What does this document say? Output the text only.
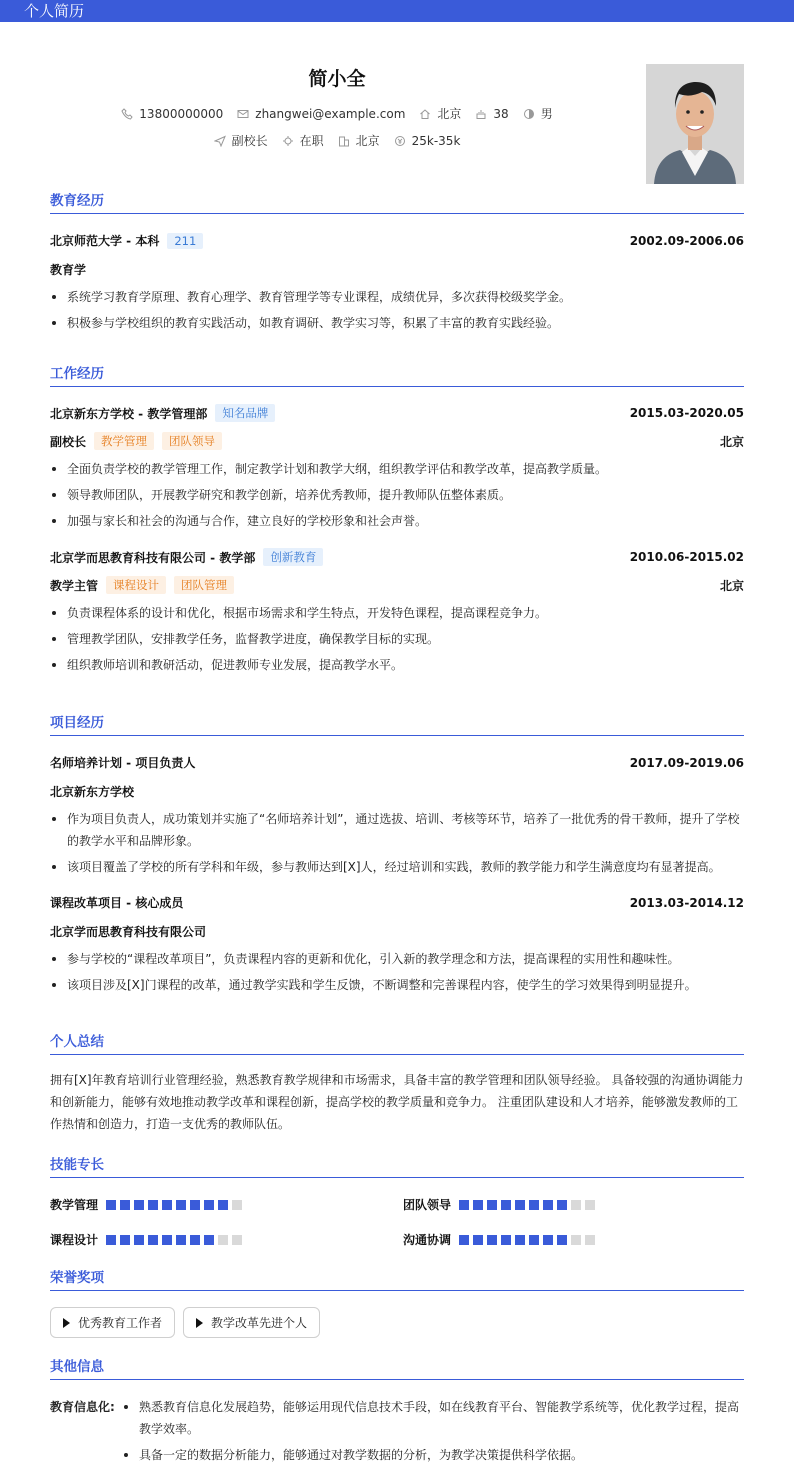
个人简历
简小全
13800000000	zhangwei@example.com	北京	38	男
副校长	在职	北京	25k-35k
教育经历
北京师范大学 - 本科	211	2002.09-2006.06
教育学
系统学习教育学原理、教育心理学、教育管理学等专业课程，成绩优异，多次获得校级奖学金。
积极参与学校组织的教育实践活动，如教育调研、教学实习等，积累了丰富的教育实践经验。
工作经历
北京新东方学校 - 教学管理部	知名品牌	2015.03-2020.05
副校长	教学管理	团队领导	北京
全面负责学校的教学管理工作，制定教学计划和教学大纲，组织教学评估和教学改革，提高教学质量。
领导教师团队，开展教学研究和教学创新，培养优秀教师，提升教师队伍整体素质。
加强与家长和社会的沟通与合作，建立良好的学校形象和社会声誉。
北京学而思教育科技有限公司 - 教学部	创新教育	2010.06-2015.02
教学主管	课程设计	团队管理	北京
负责课程体系的设计和优化，根据市场需求和学生特点，开发特色课程，提高课程竞争力。
管理教学团队，安排教学任务，监督教学进度，确保教学目标的实现。
组织教师培训和教研活动，促进教师专业发展，提高教学水平。
项目经历
名师培养计划 - 项目负责人	2017.09-2019.06
北京新东方学校
作为项目负责人，成功策划并实施了“名师培养计划”，通过选拔、培训、考核等环节，培养了一批优秀的骨干教师，提升了学校的教学水平和品牌形象。
该项目覆盖了学校的所有学科和年级，参与教师达到[X]人，经过培训和实践，教师的教学能力和学生满意度均有显著提高。
课程改革项目 - 核心成员	2013.03-2014.12
北京学而思教育科技有限公司
参与学校的“课程改革项目”，负责课程内容的更新和优化，引入新的教学理念和方法，提高课程的实用性和趣味性。
该项目涉及[X]门课程的改革，通过教学实践和学生反馈，不断调整和完善课程内容，使学生的学习效果得到明显提升。
个人总结

拥有[X]年教育培训行业管理经验，熟悉教育教学规律和市场需求，具备丰富的教学管理和团队领导经验。 具备较强的沟通协调能力和创新能力，能够有效地推动教学改革和课程创新，提高学校的教学质量和竞争力。 注重团队建设和人才培养，能够激发教师的工作热情和创造力，打造一支优秀的教师队伍。

技能专长
教学管理	团队领导
课程设计	沟通协调
荣誉奖项
优秀教育工作者	教学改革先进个人
其他信息
教育信息化:	熟悉教育信息化发展趋势，能够运用现代信息技术手段，如在线教育平台、智能教学系统等，优化教学过程，提高教学效率。
具备一定的数据分析能力，能够通过对教学数据的分析，为教学决策提供科学依据。
